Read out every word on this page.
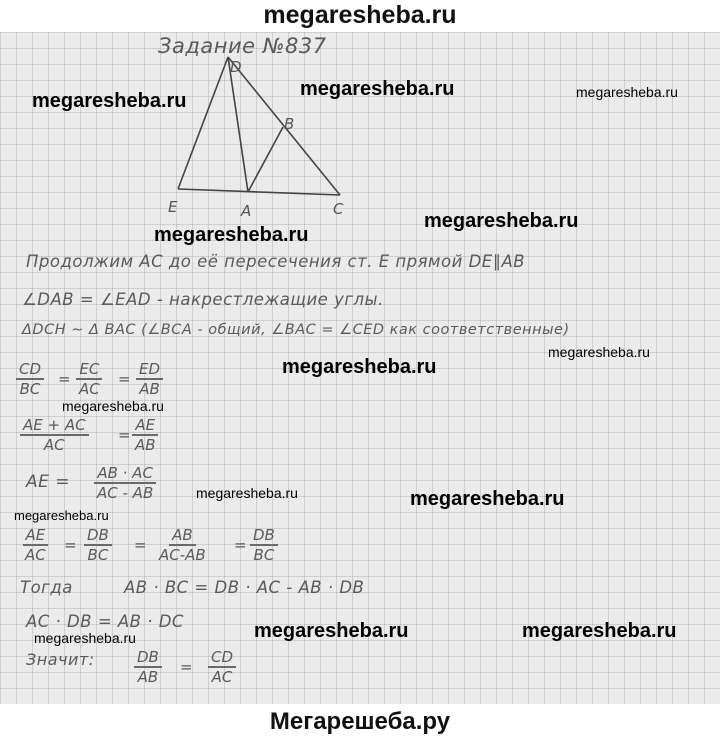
megaresheba.ru
Задание №837
D
B
E	A	C
Продолжим AC до её пересечения ст. E прямой DE∥AB
∠DAB = ∠EAD - накрестлежащие углы.
ΔDCH ∼ Δ BAC (∠BCA - общий, ∠BAC = ∠CED как соответственные)
$\frac{CD}{BC} = \frac{EC}{AC} = \frac{ED}{AB}$
$\frac{AE + AC}{AC} = \frac{AE}{AB}$
AE = $\frac{AB \cdot AC}{AC - AB}$
$\frac{AE}{AC} = \frac{DB}{BC} = \frac{AB}{AC-AB} = \frac{DB}{BC}$
Тогда	AB · BC = DB · AC - AB · DB
AC · DB = AB · DC
Значит:	$\frac{DB}{AB} = \frac{CD}{AC}$
megaresheba.ru
megaresheba.ru	megaresheba.ru
megaresheba.ru
megaresheba.ru
megaresheba.ru
megaresheba.ru
megaresheba.ru
megaresheba.ru	megaresheba.ru
megaresheba.ru
megaresheba.ru	megaresheba.ru	megaresheba.ru
Мегарешеба.ру
